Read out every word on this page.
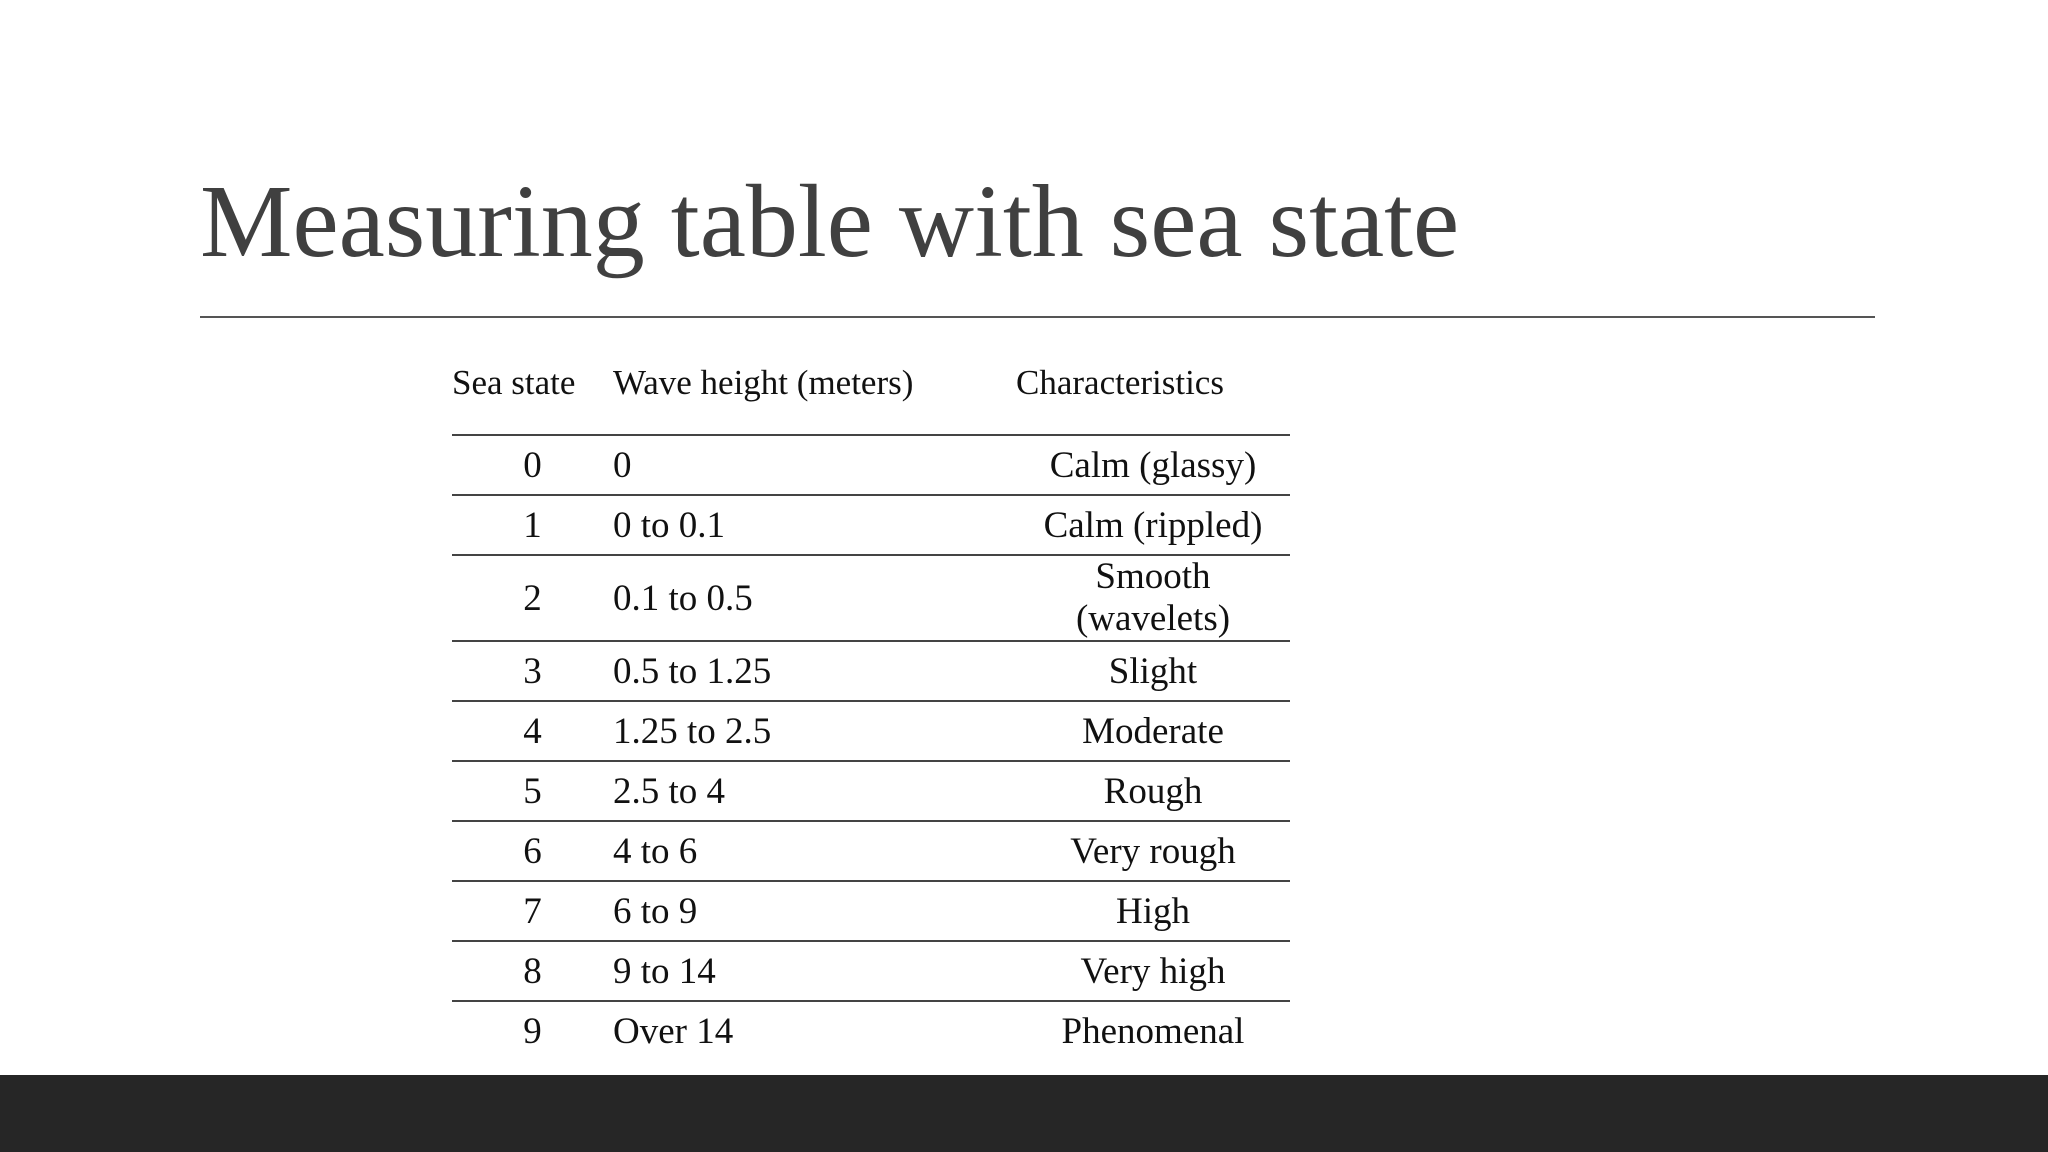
Measuring table with sea state
Sea state	Wave height (meters)	Characteristics
0	0	Calm (glassy)
1	0 to 0.1	Calm (rippled)
2	0.1 to 0.5	Smooth (wavelets)
3	0.5 to 1.25	Slight
4	1.25 to 2.5	Moderate
5	2.5 to 4	Rough
6	4 to 6	Very rough
7	6 to 9	High
8	9 to 14	Very high
9	Over 14	Phenomenal
